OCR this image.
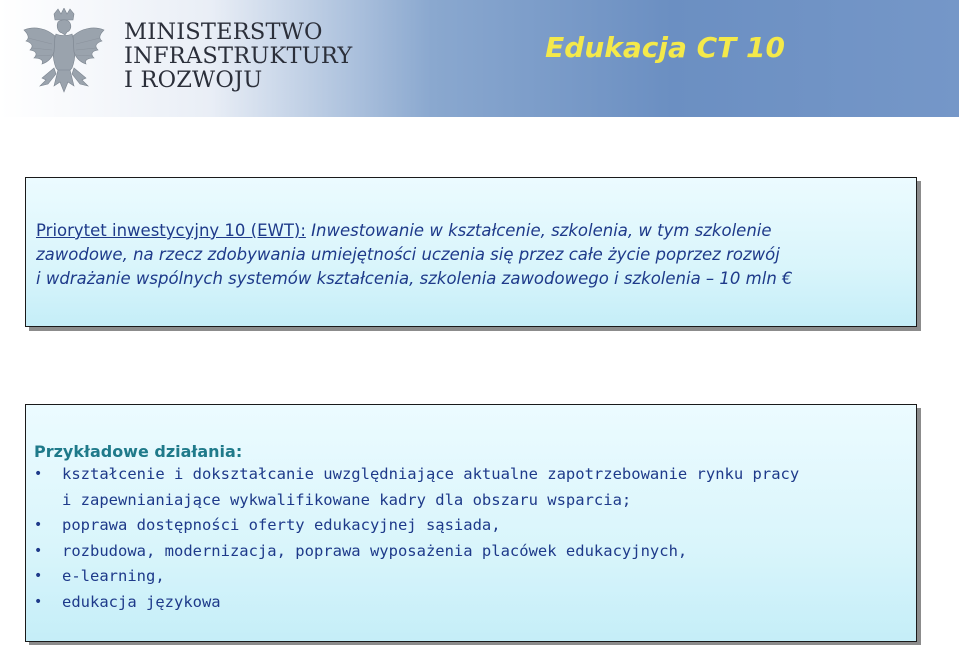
MINISTERSTWO
INFRASTRUKTURY
I ROZWOJU
Edukacja CT 10
Priorytet inwestycyjny 10 (EWT): Inwestowanie w kształcenie, szkolenia, w tym szkolenie
zawodowe, na rzecz zdobywania umiejętności uczenia się przez całe życie poprzez rozwój
i wdrażanie wspólnych systemów kształcenia, szkolenia zawodowego i szkolenia – 10 mln €
Przykładowe działania:
• kształcenie i dokształcanie uwzględniające aktualne zapotrzebowanie rynku pracy
i zapewnianiające wykwalifikowane kadry dla obszaru wsparcia;
• poprawa dostępności oferty edukacyjnej sąsiada,
• rozbudowa, modernizacja, poprawa wyposażenia placówek edukacyjnych,
• e-learning,
• edukacja językowa
